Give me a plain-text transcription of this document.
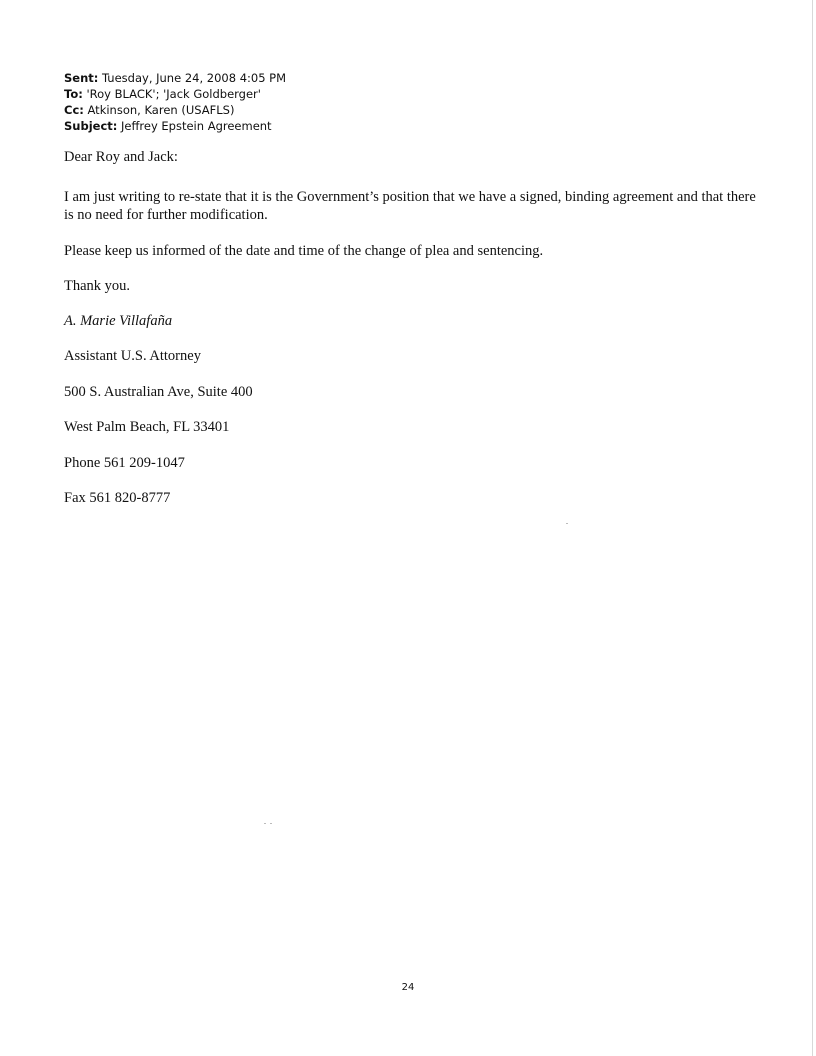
Sent: Tuesday, June 24, 2008 4:05 PM
To: 'Roy BLACK'; 'Jack Goldberger'
Cc: Atkinson, Karen (USAFLS)
Subject: Jeffrey Epstein Agreement
Dear Roy and Jack:
I am just writing to re-state that it is the Government’s position that we have a signed, binding agreement and that there is no need for further modification.
Please keep us informed of the date and time of the change of plea and sentencing.
Thank you.
A. Marie Villafaña
Assistant U.S. Attorney
500 S. Australian Ave, Suite 400
West Palm Beach, FL 33401
Phone 561 209-1047
Fax 561 820-8777
24
